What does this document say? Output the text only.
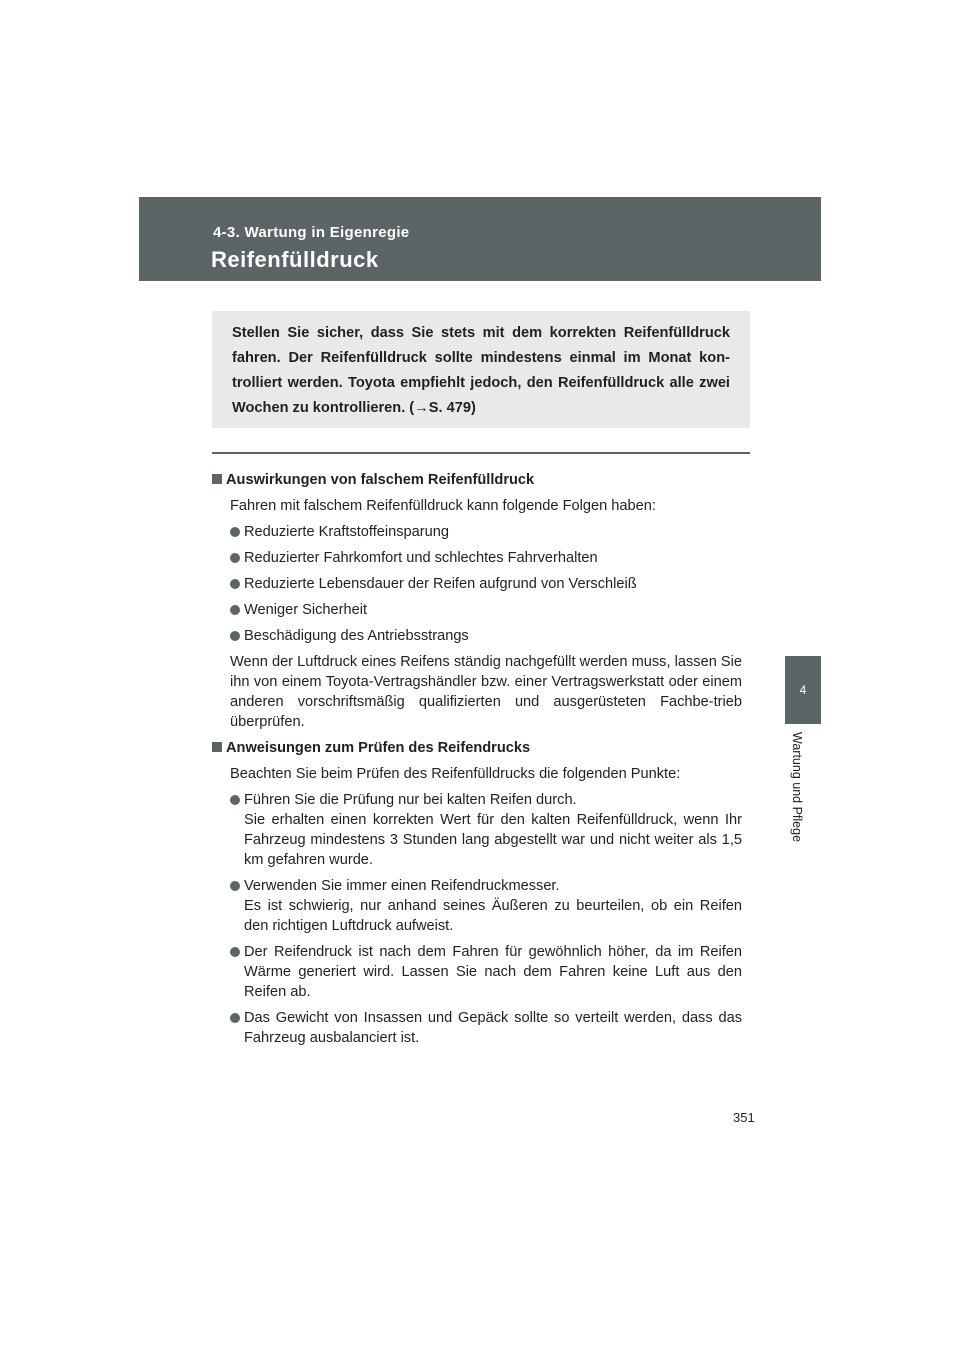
4-3. Wartung in Eigenregie
Reifenfülldruck
Stellen Sie sicher, dass Sie stets mit dem korrekten Reifenfülldruck fahren. Der Reifenfülldruck sollte mindestens einmal im Monat kon-trolliert werden. Toyota empfiehlt jedoch, den Reifenfülldruck alle zwei Wochen zu kontrollieren. (→S. 479)
Auswirkungen von falschem Reifenfülldruck
Fahren mit falschem Reifenfülldruck kann folgende Folgen haben:
Reduzierte Kraftstoffeinsparung
Reduzierter Fahrkomfort und schlechtes Fahrverhalten
Reduzierte Lebensdauer der Reifen aufgrund von Verschleiß
Weniger Sicherheit
Beschädigung des Antriebsstrangs
Wenn der Luftdruck eines Reifens ständig nachgefüllt werden muss, lassen Sie ihn von einem Toyota-Vertragshändler bzw. einer Vertragswerkstatt oder einem anderen vorschriftsmäßig qualifizierten und ausgerüsteten Fachbe-trieb überprüfen.
Anweisungen zum Prüfen des Reifendrucks
Beachten Sie beim Prüfen des Reifenfülldrucks die folgenden Punkte:
Führen Sie die Prüfung nur bei kalten Reifen durch.
Sie erhalten einen korrekten Wert für den kalten Reifenfülldruck, wenn Ihr Fahrzeug mindestens 3 Stunden lang abgestellt war und nicht weiter als 1,5 km gefahren wurde.
Verwenden Sie immer einen Reifendruckmesser.
Es ist schwierig, nur anhand seines Äußeren zu beurteilen, ob ein Reifen den richtigen Luftdruck aufweist.
Der Reifendruck ist nach dem Fahren für gewöhnlich höher, da im Reifen Wärme generiert wird. Lassen Sie nach dem Fahren keine Luft aus den Reifen ab.
Das Gewicht von Insassen und Gepäck sollte so verteilt werden, dass das Fahrzeug ausbalanciert ist.
4
Wartung und Pflege
351
